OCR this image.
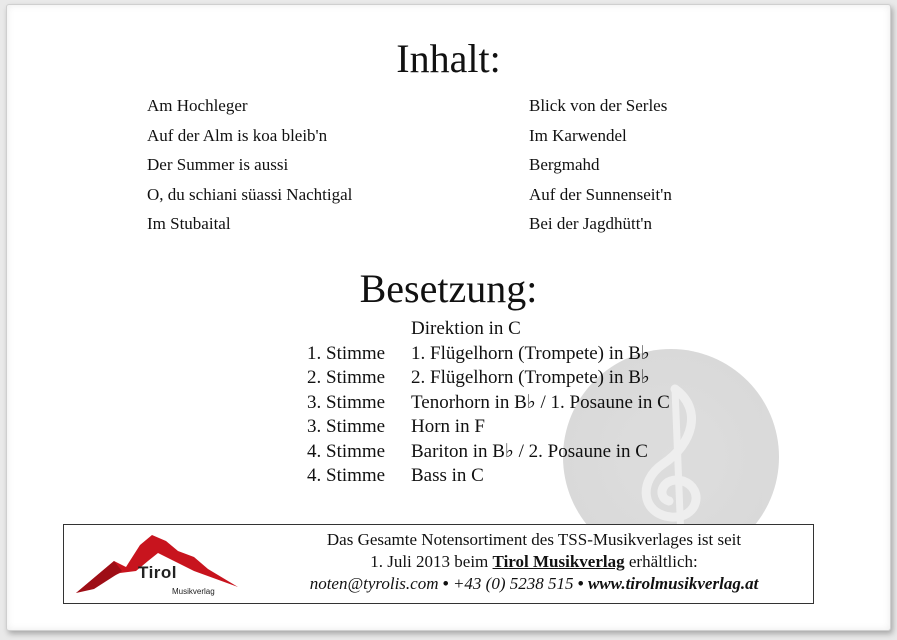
Inhalt:
Am Hochleger
Auf der Alm is koa bleib'n
Der Summer is aussi
O, du schiani süassi Nachtigal
Im Stubaital
Blick von der Serles
Im Karwendel
Bergmahd
Auf der Sunnenseit'n
Bei der Jagdhütt'n
Besetzung:
Direktion in C
1. Stimme	1. Flügelhorn (Trompete) in B♭
2. Stimme	2. Flügelhorn (Trompete) in B♭
3. Stimme	Tenorhorn in B♭ / 1. Posaune in C
3. Stimme	Horn in F
4. Stimme	Bariton in B♭ / 2. Posaune in C
4. Stimme	Bass in C
Tirol
Musikverlag
Das Gesamte Notensortiment des TSS-Musikverlages ist seit
1. Juli 2013 beim Tirol Musikverlag erhältlich:
noten@tyrolis.com • +43 (0) 5238 515 • www.tirolmusikverlag.at
